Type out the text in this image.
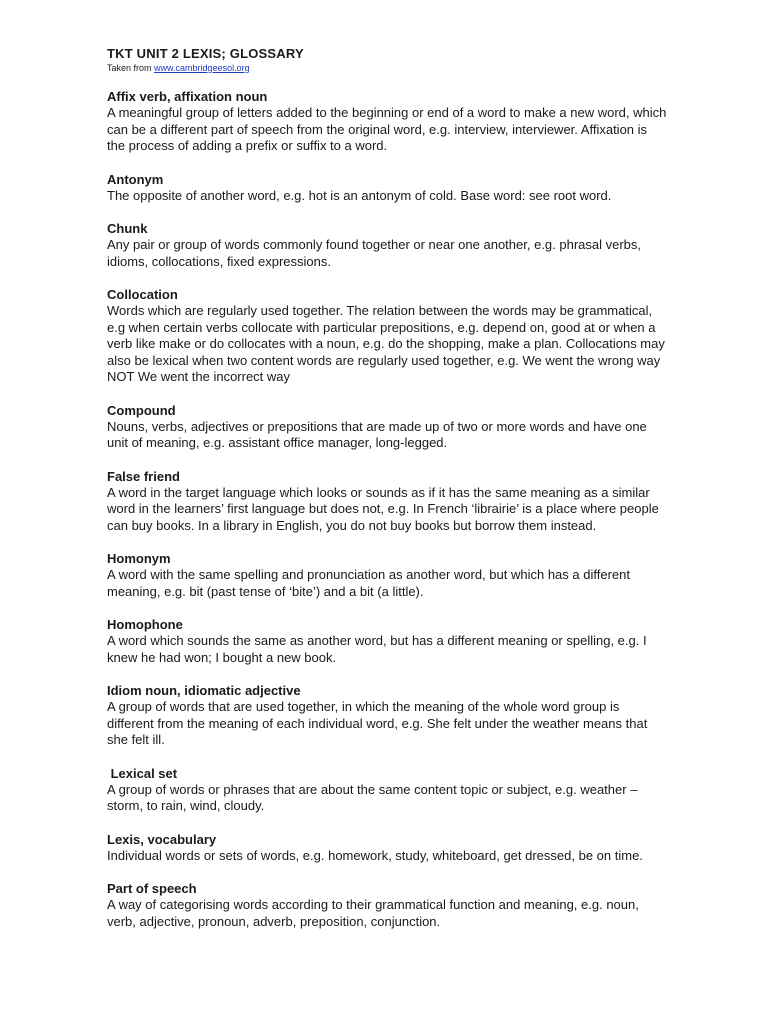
TKT UNIT 2 LEXIS; GLOSSARY

Taken from www.cambridgeesol.org

Affix verb, affixation noun

A meaningful group of letters added to the beginning or end of a word to make a new word, which can be a different part of speech from the original word, e.g. interview, interviewer. Affixation is the process of adding a prefix or suffix to a word.

Antonym

The opposite of another word, e.g. hot is an antonym of cold. Base word: see root word.

Chunk

Any pair or group of words commonly found together or near one another, e.g. phrasal verbs, idioms, collocations, fixed expressions.

Collocation

Words which are regularly used together. The relation between the words may be grammatical, e.g when certain verbs collocate with particular prepositions, e.g. depend on, good at or when a verb like make or do collocates with a noun, e.g. do the shopping, make a plan. Collocations may also be lexical when two content words are regularly used together, e.g. We went the wrong way NOT We went the incorrect way

Compound

Nouns, verbs, adjectives or prepositions that are made up of two or more words and have one unit of meaning, e.g. assistant office manager, long-legged.

False friend

A word in the target language which looks or sounds as if it has the same meaning as a similar word in the learners’ first language but does not, e.g. In French ‘librairie’ is a place where people can buy books. In a library in English, you do not buy books but borrow them instead.

Homonym

A word with the same spelling and pronunciation as another word, but which has a different meaning, e.g. bit (past tense of ‘bite’) and a bit (a little).

Homophone

A word which sounds the same as another word, but has a different meaning or spelling, e.g. I knew he had won; I bought a new book.

Idiom noun, idiomatic adjective

A group of words that are used together, in which the meaning of the whole word group is different from the meaning of each individual word, e.g. She felt under the weather means that she felt ill.

Lexical set

A group of words or phrases that are about the same content topic or subject, e.g. weather – storm, to rain, wind, cloudy.

Lexis, vocabulary

Individual words or sets of words, e.g. homework, study, whiteboard, get dressed, be on time.

Part of speech

A way of categorising words according to their grammatical function and meaning, e.g. noun, verb, adjective, pronoun, adverb, preposition, conjunction.
